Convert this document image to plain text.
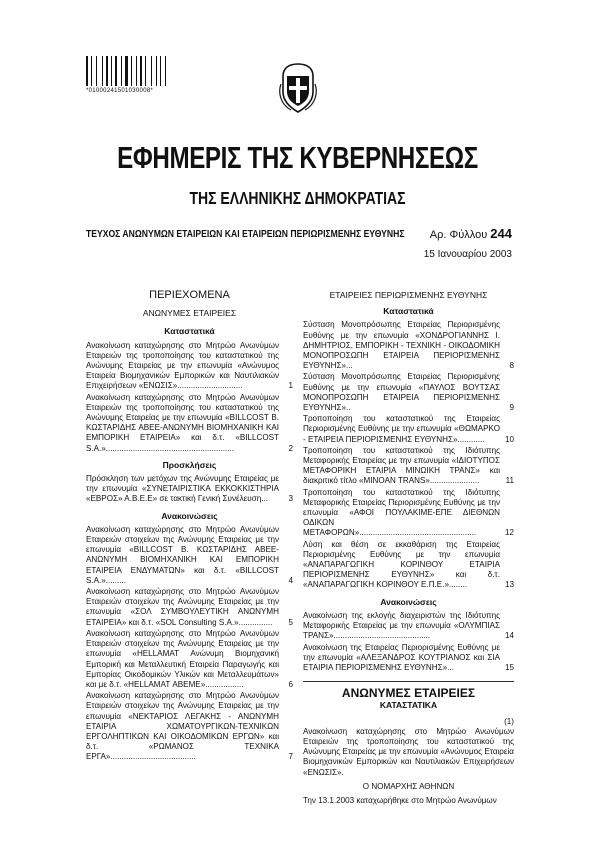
*01000241501030008*
ΕΦΗΜΕΡΙΣ ΤΗΣ ΚΥΒΕΡΝΗΣΕΩΣ
ΤΗΣ ΕΛΛΗΝΙΚΗΣ ΔΗΜΟΚΡΑΤΙΑΣ
ΤΕΥΧΟΣ ΑΝΩΝΥΜΩΝ ΕΤΑΙΡΕΙΩΝ ΚΑΙ ΕΤΑΙΡΕΙΩΝ ΠΕΡΙΩΡΙΣΜΕΝΗΣ ΕΥΘΥΝΗΣ Αρ. Φύλλου 244
15 Ιανουαρίου 2003
ΠΕΡΙΕΧΟΜΕΝΑ
ΑΝΩΝΥΜΕΣ ΕΤΑΙΡΕΙΕΣ
Καταστατικά
Ανακοίνωση καταχώρησης στο Μητρώο Ανωνύμων Εταιρειών της τροποποίησης του καταστατικού της Ανώνυμης Εταιρείας με την επωνυμία «Ανώνυμος Εταιρεία Βιομηχανικών Εμπορικών και Ναυτιλιακών Επιχειρήσεων «ΕΝΩΣΙΣ».............................	1
Ανακοίνωση καταχώρησης στο Μητρώο Ανωνύμων Εταιρειών της τροποποίησης του καταστατικού της Ανώνυμης Εταιρείας με την επωνυμία «BILLCOST Β. ΚΩΣΤΑΡΙΔΗΣ ΑΒΕΕ-ΑΝΩΝΥΜΗ ΒΙΟΜΗΧΑΝΙΚΗ ΚΑΙ ΕΜΠΟΡΙΚΗ ΕΤΑΙΡΕΙΑ» και δ.τ. «BILLCOST S.A.».........................................................	2
Προσκλήσεις
Πρόσκληση των μετόχων της Ανώνυμης Εταιρείας με την επωνυμία «ΣΥΝΕΤΑΙΡΙΣΤΙΚΑ ΕΚΚΟΚΚΙΣΤΗΡΙΑ «ΕΒΡΟΣ» Α.Β.Ε.Ε» σε τακτική Γενική Συνέλευση...	3
Ανακοινώσεις
Ανακοίνωση καταχώρησης στο Μητρώο Ανωνύμων Εταιρειών στοιχείων της Ανώνυμης Εταιρείας με την επωνυμία «BILLCOST Β. ΚΩΣΤΑΡΙΔΗΣ ΑΒΕΕ-ΑΝΩΝΥΜΗ ΒΙΟΜΗΧΑΝΙΚΗ ΚΑΙ ΕΜΠΟΡΙΚΗ ΕΤΑΙΡΕΙΑ ΕΝΔΥΜΑΤΩΝ» και δ.τ. «BILLCOST S.A.».........	4
Ανακοίνωση καταχώρησης στο Μητρώο Ανωνύμων Εταιρειών στοιχείων της Ανώνυμης Εταιρείας με την επωνυμία «ΣΟΛ ΣΥΜΒΟΥΛΕΥΤΙΚΗ ΑΝΩΝΥΜΗ ΕΤΑΙΡΕΙΑ» και δ.τ. «SOL Consulting S.A.»............... 5
Ανακοίνωση καταχώρησης στο Μητρώο Ανωνύμων Εταιρειών στοιχείων της Ανώνυμης Εταιρείας με την επωνυμία «HELLAMAT Ανώνυμη Βιομηχανική Εμπορική και Μεταλλευτική Εταιρεία Παραγωγής και Εμπορίας Οικοδομικών Υλικών και Μεταλλευμάτων» και με δ.τ. «HELLAMAT ΑΒΕΜΕ».................	6
Ανακοίνωση καταχώρησης στο Μητρώο Ανωνύμων Εταιρειών στοιχείων της Ανώνυμης Εταιρείας με την επωνυμία «ΝΕΚΤΑΡΙΟΣ ΛΕΓΑΚΗΣ - ΑΝΩΝΥΜΗ ΕΤΑΙΡΙΑ ΧΩΜΑΤΟΥΡΓΙΚΩΝ-ΤΕΧΝΙΚΩΝ ΕΡΓΟΛΗΠΤΙΚΩΝ ΚΑΙ ΟΙΚΟΔΟΜΙΚΩΝ ΕΡΓΩΝ» και δ.τ. «ΡΩΜΑΝΟΣ ΤΕΧΝΙΚΑ ΕΡΓΑ»......................................	7
ΕΤΑΙΡΕΙΕΣ ΠΕΡΙΩΡΙΣΜΕΝΗΣ ΕΥΘΥΝΗΣ
Καταστατικά
Σύσταση Μονοπρόσωπης Εταιρείας Περιορισμένης Ευθύνης με την επωνυμία «ΧΟΝΔΡΟΓΙΑΝΝΗΣ Ι. ΔΗΜΗΤΡΙΟΣ, ΕΜΠΟΡΙΚΗ - ΤΕΧΝΙΚΗ - ΟΙΚΟΔΟΜΙΚΗ ΜΟΝΟΠΡΟΣΩΠΗ ΕΤΑΙΡΕΙΑ ΠΕΡΙΟΡΙΣΜΕΝΗΣ ΕΥΘΥΝΗΣ»...	8
Σύσταση Μονοπρόσωπης Εταιρείας Περιορισμένης Ευθύνης με την επωνυμία «ΠΑΥΛΟΣ ΒΟΥΤΣΑΣ ΜΟΝΟΠΡΟΣΩΠΗ ΕΤΑΙΡΕΙΑ ΠΕΡΙΟΡΙΣΜΕΝΗΣ ΕΥΘΥΝΗΣ»..	9
Τροποποίηση του καταστατικού της Εταιρείας Περιορισμένης Ευθύνης με την επωνυμία «ΘΩΜΑΡΚΟ - ΕΤΑΙΡΕΙΑ ΠΕΡΙΟΡΙΣΜΕΝΗΣ ΕΥΘΥΝΗΣ»............	10
Τροποποίηση του καταστατικού της Ιδιότυπης Μεταφορικής Εταιρείας με την επωνυμία «ΙΔΙΟΤΥΠΟΣ ΜΕΤΑΦΟΡΙΚΗ ΕΤΑΙΡΙΑ ΜΙΝΩΙΚΗ ΤΡΑΝΣ» και διακριτικό τίτλο «MINOAN TRANS»......................	11
Τροποποίηση του καταστατικού της Ιδιότυπης Μεταφορικής Εταιρείας Περιορισμένης Ευθύνης με την επωνυμία «ΑΦΟΙ ΠΟΥΛΑΚΙΜΕ-ΕΠΕ ΔΙΕΘΝΩΝ ΟΔΙΚΩΝ ΜΕΤΑΦΟΡΩΝ»....................................................	12
Λύση και θέση σε εκκαθάριση της Εταιρείας Περιορισμένης Ευθύνης με την επωνυμία «ΑΝΑΠΑΡΑΓΩΓΙΚΗ ΚΟΡΙΝΘΟΥ ΕΤΑΙΡΙΑ ΠΕΡΙΟΡΙΣΜΕΝΗΣ ΕΥΘΥΝΗΣ» και δ.τ. «ΑΝΑΠΑΡΑΓΩΓΙΚΗ ΚΟΡΙΝΘΟΥ Ε.Π.Ε.»........	13
Ανακοινώσεις
Ανακοίνωση της εκλογής διαχειριστών της Ιδιότυπης Μεταφορικής Εταιρείας με την επωνυμία «ΟΛΥΜΠΙΑΣ ΤΡΑΝΣ»...........................................	14
Ανακοίνωση της Εταιρείας Περιορισμένης Ευθύνης με την επωνυμία «ΑΛΕΞΑΝΔΡΟΣ ΚΟΥΤΡΙΑΝΟΣ και ΣΙΑ ΕΤΑΙΡΙΑ ΠΕΡΙΟΡΙΣΜΕΝΗΣ ΕΥΘΥΝΗΣ»...	15
ΑΝΩΝΥΜΕΣ ΕΤΑΙΡΕΙΕΣ
ΚΑΤΑΣΤΑΤΙΚΑ
(1)
Ανακοίνωση καταχώρησης στο Μητρώο Ανωνύμων Εταιρειών της τροποποίησης του καταστατικού της Ανώνυμης Εταιρείας με την επωνυμία «Ανώνυμος Εταιρεία Βιομηχανικών Εμπορικών και Ναυτιλιακών Επιχειρήσεων «ΕΝΩΣΙΣ».
Ο ΝΟΜΑΡΧΗΣ ΑΘΗΝΩΝ
Την 13.1.2003 καταχωρήθηκε στο Μητρώο Ανωνύμων
